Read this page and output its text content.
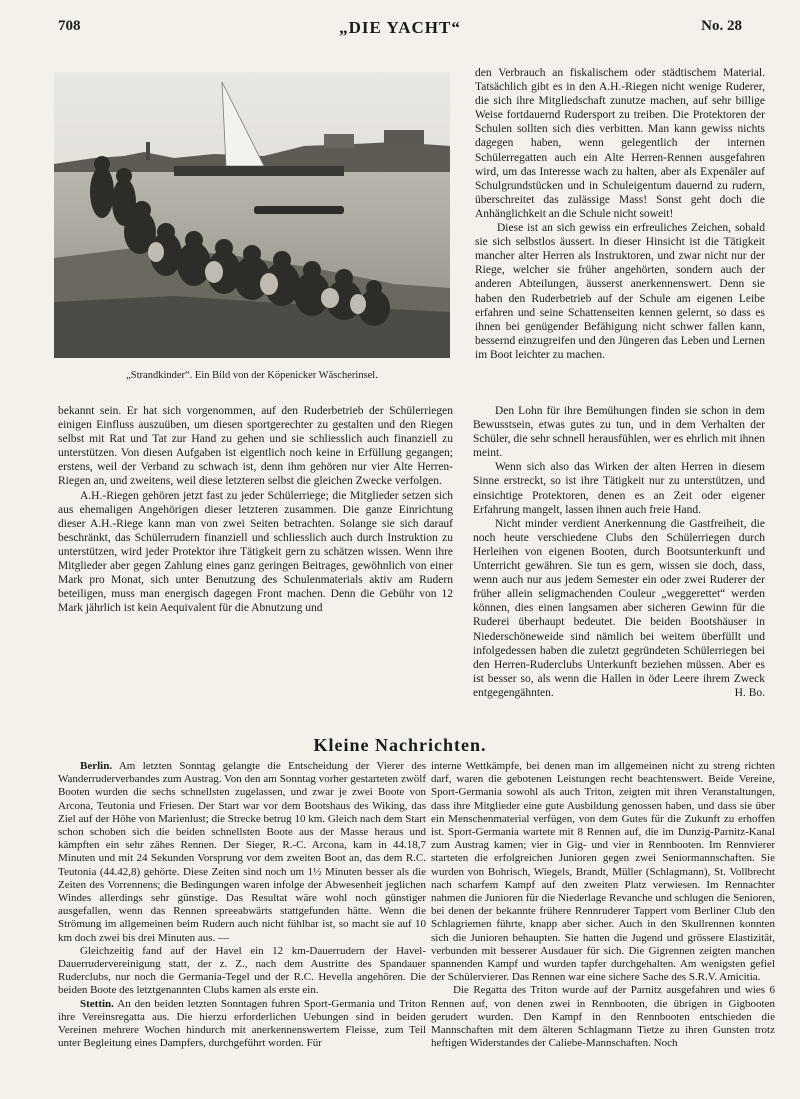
708	„DIE YACHT“	No. 28
„Strandkinder“. Ein Bild von der Köpenicker Wäscherinsel.

den Verbrauch an fiskalischem oder städtischem Material. Tatsächlich gibt es in den A.H.-Riegen nicht wenige Ruderer, die sich ihre Mitgliedschaft zunutze machen, auf sehr billige Weise fortdauernd Rudersport zu treiben. Die Protektoren der Schulen sollten sich dies verbitten. Man kann gewiss nichts dagegen haben, wenn gelegentlich der internen Schülerregatten auch ein Alte Herren-Rennen ausgefahren wird, um das Interesse wach zu halten, aber als Expenäler auf Schulgrundstücken und in Schuleigentum dauernd zu rudern, überschreitet das zulässige Mass! Sonst geht doch die Anhänglichkeit an die Schule nicht soweit!

Diese ist an sich gewiss ein erfreuliches Zeichen, sobald sie sich selbstlos äussert. In dieser Hinsicht ist die Tätigkeit mancher alter Herren als Instruktoren, und zwar nicht nur der Riege, welcher sie früher angehörten, sondern auch der anderen Abteilungen, äusserst anerkennenswert. Denn sie haben den Ruderbetrieb auf der Schule am eigenen Leibe erfahren und seine Schattenseiten kennen gelernt, so dass es ihnen bei genügender Befähigung nicht schwer fallen kann, bessernd einzugreifen und den Jüngeren das Leben und Lernen im Boot leichter zu machen.

bekannt sein. Er hat sich vorgenommen, auf den Ruderbetrieb der Schülerriegen einigen Einfluss auszuüben, um diesen sportgerechter zu gestalten und den Riegen selbst mit Rat und Tat zur Hand zu gehen und sie schliesslich auch finanziell zu unterstützen. Von diesen Aufgaben ist eigentlich noch keine in Erfüllung gegangen; erstens, weil der Verband zu schwach ist, denn ihm gehören nur vier Alte Herren-Riegen an, und zweitens, weil diese letzteren selbst die gleichen Zwecke verfolgen.

A.H.-Riegen gehören jetzt fast zu jeder Schülerriege; die Mitglieder setzen sich aus ehemaligen Angehörigen dieser letzteren zusammen. Die ganze Einrichtung dieser A.H.-Riege kann man von zwei Seiten betrachten. Solange sie sich darauf beschränkt, das Schülerrudern finanziell und schliesslich auch durch Instruktion zu unterstützen, wird jeder Protektor ihre Tätigkeit gern zu schätzen wissen. Wenn ihre Mitglieder aber gegen Zahlung eines ganz geringen Beitrages, gewöhnlich von einer Mark pro Monat, sich unter Benutzung des Schulenmaterials aktiv am Rudern beteiligen, muss man energisch dagegen Front machen. Denn die Gebühr von 12 Mark jährlich ist kein Aequivalent für die Abnutzung und

Den Lohn für ihre Bemühungen finden sie schon in dem Bewusstsein, etwas gutes zu tun, und in dem Verhalten der Schüler, die sehr schnell herausfühlen, wer es ehrlich mit ihnen meint.

Wenn sich also das Wirken der alten Herren in diesem Sinne erstreckt, so ist ihre Tätigkeit nur zu unterstützen, und einsichtige Protektoren, denen es an Zeit oder eigener Erfahrung mangelt, lassen ihnen auch freie Hand.

Nicht minder verdient Anerkennung die Gastfreiheit, die noch heute verschiedene Clubs den Schülerriegen durch Herleihen von eigenen Booten, durch Bootsunterkunft und Unterricht gewähren. Sie tun es gern, wissen sie doch, dass, wenn auch nur aus jedem Semester ein oder zwei Ruderer der früher allein seligmachenden Couleur „weggerettet“ werden können, dies einen langsamen aber sicheren Gewinn für die Ruderei überhaupt bedeutet. Die beiden Bootshäuser in Niederschöneweide sind nämlich bei weitem überfüllt und infolgedessen haben die zuletzt gegründeten Schülerriegen bei den Herren-Ruderclubs Unterkunft beziehen müssen. Aber es ist besser so, als wenn die Hallen in öder Leere ihrem Zweck entgegengähnten.	H. Bo.

Kleine Nachrichten.

Berlin. Am letzten Sonntag gelangte die Entscheidung der Vierer des Wanderruderverbandes zum Austrag. Von den am Sonntag vorher gestarteten zwölf Booten wurden die sechs schnellsten zugelassen, und zwar je zwei Boote von Arcona, Teutonia und Friesen. Der Start war vor dem Bootshaus des Wiking, das Ziel auf der Höhe von Marienlust; die Strecke betrug 10 km. Gleich nach dem Start schon schoben sich die beiden schnellsten Boote aus der Masse heraus und kämpften ein sehr zähes Rennen. Der Sieger, R.-C. Arcona, kam in 44.18,7 Minuten und mit 24 Sekunden Vorsprung vor dem zweiten Boot an, das dem R.C. Teutonia (44.42,8) gehörte. Diese Zeiten sind noch um 1½ Minuten besser als die Zeiten des Vorrennens; die Bedingungen waren infolge der Abwesenheit jeglichen Windes allerdings sehr günstige. Das Resultat wäre wohl noch günstiger ausgefallen, wenn das Rennen spreeabwärts stattgefunden hätte. Wenn die Strömung im allgemeinen beim Rudern auch nicht fühlbar ist, so macht sie auf 10 km doch zwei bis drei Minuten aus. —

Gleichzeitig fand auf der Havel ein 12 km-Dauerrudern der Havel-Dauerrudervereinigung statt, der z. Z., nach dem Austritte des Spandauer Ruderclubs, nur noch die Germania-Tegel und der R.C. Hevella angehören. Die beiden Boote des letztgenannten Clubs kamen als erste ein.

Stettin. An den beiden letzten Sonntagen fuhren Sport-Germania und Triton ihre Vereinsregatta aus. Die hierzu erforderlichen Uebungen sind in beiden Vereinen mehrere Wochen hindurch mit anerkennenswertem Fleisse, zum Teil unter Begleitung eines Dampfers, durchgeführt worden. Für

interne Wettkämpfe, bei denen man im allgemeinen nicht zu streng richten darf, waren die gebotenen Leistungen recht beachtenswert. Beide Vereine, Sport-Germania sowohl als auch Triton, zeigten mit ihren Veranstaltungen, dass ihre Mitglieder eine gute Ausbildung genossen haben, und dass sie über ein Menschenmaterial verfügen, von dem Gutes für die Zukunft zu erhoffen ist. Sport-Germania wartete mit 8 Rennen auf, die im Dunzig-Parnitz-Kanal zum Austrag kamen; vier in Gig- und vier in Rennbooten. Im Rennvierer starteten die erfolgreichen Junioren gegen zwei Seniormannschaften. Sie wurden von Bohrisch, Wiegels, Brandt, Müller (Schlagmann), St. Vollbrecht nach scharfem Kampf auf den zweiten Platz verwiesen. Im Rennachter nahmen die Junioren für die Niederlage Revanche und schlugen die Senioren, bei denen der bekannte frühere Rennruderer Tappert vom Berliner Club den Schlagriemen führte, knapp aber sicher. Auch in den Skullrennen konnten sich die Junioren behaupten. Sie hatten die Jugend und grössere Elastizität, verbunden mit besserer Ausdauer für sich. Die Gigrennen zeigten manchen spannenden Kampf und wurden tapfer durchgehalten. Am wenigsten gefiel der Schülervierer. Das Rennen war eine sichere Sache des S.R.V. Amicitia.

Die Regatta des Triton wurde auf der Parnitz ausgefahren und wies 6 Rennen auf, von denen zwei in Rennbooten, die übrigen in Gigbooten gerudert wurden. Den Kampf in den Rennbooten entschieden die Mannschaften mit dem älteren Schlagmann Tietze zu ihren Gunsten trotz heftigen Widerstandes der Caliebe-Mannschaften. Noch
